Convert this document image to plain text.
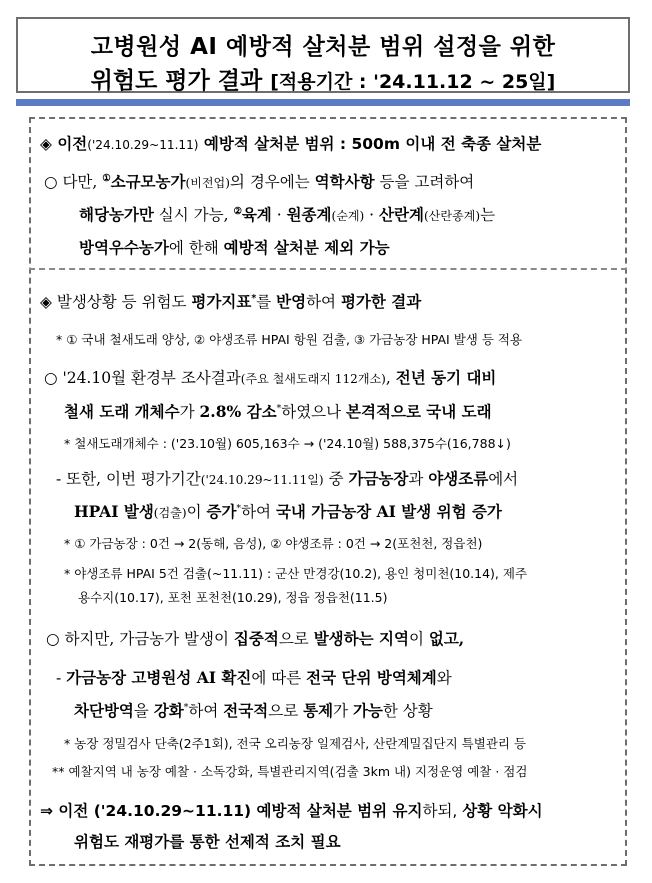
고병원성 AI 예방적 살처분 범위 설정을 위한
위험도 평가 결과 [적용기간 : '24.11.12 ~ 25일]
◈ 이전('24.10.29~11.11) 예방적 살처분 범위 : 500m 이내 전 축종 살처분
○ 다만, ①소규모농가(비전업)의 경우에는 역학사항 등을 고려하여
해당농가만 실시 가능, ②육계 · 원종계(순계) · 산란계(산란종계)는
방역우수농가에 한해 예방적 살처분 제외 가능
◈ 발생상황 등 위험도 평가지표*를 반영하여 평가한 결과
* ① 국내 철새도래 양상, ② 야생조류 HPAI 항원 검출, ③ 가금농장 HPAI 발생 등 적용
○ '24.10월 환경부 조사결과(주요 철새도래지 112개소), 전년 동기 대비
철새 도래 개체수가 2.8% 감소*하였으나 본격적으로 국내 도래
* 철새도래개체수 : ('23.10월) 605,163수 → ('24.10월) 588,375수(16,788↓)
- 또한, 이번 평가기간('24.10.29~11.11일) 중 가금농장과 야생조류에서
HPAI 발생(검출)이 증가*하여 국내 가금농장 AI 발생 위험 증가
* ① 가금농장 : 0건 → 2(동해, 음성), ② 야생조류 : 0건 → 2(포천천, 정읍천)
* 야생조류 HPAI 5건 검출(~11.11) : 군산 만경강(10.2), 용인 청미천(10.14), 제주
용수지(10.17), 포천 포천천(10.29), 정읍 정읍천(11.5)
○ 하지만, 가금농가 발생이 집중적으로 발생하는 지역이 없고,
- 가금농장 고병원성 AI 확진에 따른 전국 단위 방역체계와
차단방역을 강화*하여 전국적으로 통제가 가능한 상황
* 농장 정밀검사 단축(2주1회), 전국 오리농장 일제검사, 산란계밀집단지 특별관리 등
** 예찰지역 내 농장 예찰 · 소독강화, 특별관리지역(검출 3km 내) 지정운영 예찰 · 점검
⇒ 이전 ('24.10.29~11.11) 예방적 살처분 범위 유지하되, 상황 악화시
위험도 재평가를 통한 선제적 조치 필요
